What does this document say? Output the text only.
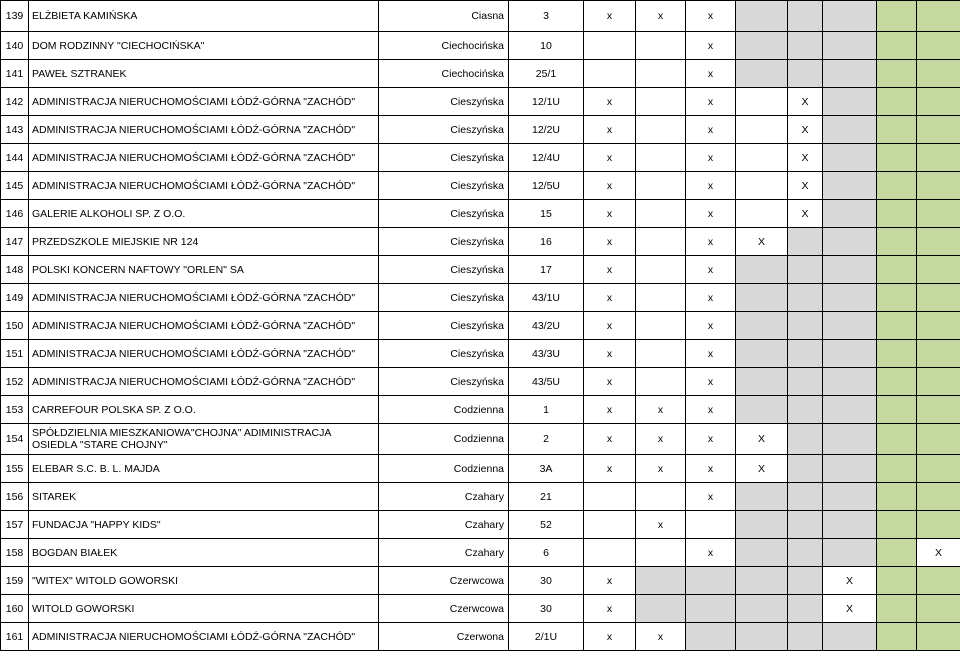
139	ELŻBIETA KAMIŃSKA	Ciasna	3	x	x	x					
140	DOM RODZINNY "CIECHOCIŃSKA"	Ciechocińska	10			x					
141	PAWEŁ SZTRANEK	Ciechocińska	25/1			x					
142	ADMINISTRACJA NIERUCHOMOŚCIAMI ŁÓDŹ-GÓRNA "ZACHÓD"	Cieszyńska	12/1U	x		x		X			
143	ADMINISTRACJA NIERUCHOMOŚCIAMI ŁÓDŹ-GÓRNA "ZACHÓD"	Cieszyńska	12/2U	x		x		X			
144	ADMINISTRACJA NIERUCHOMOŚCIAMI ŁÓDŹ-GÓRNA "ZACHÓD"	Cieszyńska	12/4U	x		x		X			
145	ADMINISTRACJA NIERUCHOMOŚCIAMI ŁÓDŹ-GÓRNA "ZACHÓD"	Cieszyńska	12/5U	x		x		X			
146	GALERIE ALKOHOLI SP. Z O.O.	Cieszyńska	15	x		x		X			
147	PRZEDSZKOLE MIEJSKIE NR 124	Cieszyńska	16	x		x	X				
148	POLSKI KONCERN NAFTOWY "ORLEN" SA	Cieszyńska	17	x		x					
149	ADMINISTRACJA NIERUCHOMOŚCIAMI ŁÓDŹ-GÓRNA "ZACHÓD"	Cieszyńska	43/1U	x		x					
150	ADMINISTRACJA NIERUCHOMOŚCIAMI ŁÓDŹ-GÓRNA "ZACHÓD"	Cieszyńska	43/2U	x		x					
151	ADMINISTRACJA NIERUCHOMOŚCIAMI ŁÓDŹ-GÓRNA "ZACHÓD"	Cieszyńska	43/3U	x		x					
152	ADMINISTRACJA NIERUCHOMOŚCIAMI ŁÓDŹ-GÓRNA "ZACHÓD"	Cieszyńska	43/5U	x		x					
153	CARREFOUR POLSKA SP. Z O.O.	Codzienna	1	x	x	x					
154	SPÓŁDZIELNIA MIESZKANIOWA"CHOJNA" ADIMINISTRACJA OSIEDLA "STARE CHOJNY"	Codzienna	2	x	x	x	X				
155	ELEBAR S.C. B. L. MAJDA	Codzienna	3A	x	x	x	X				
156	SITAREK	Czahary	21			x					
157	FUNDACJA "HAPPY KIDS"	Czahary	52		x						
158	BOGDAN BIAŁEK	Czahary	6			x					X
159	"WITEX" WITOLD GOWORSKI	Czerwcowa	30	x					X		
160	WITOLD GOWORSKI	Czerwcowa	30	x					X		
161	ADMINISTRACJA NIERUCHOMOŚCIAMI ŁÓDŹ-GÓRNA "ZACHÓD"	Czerwona	2/1U	x	x						
